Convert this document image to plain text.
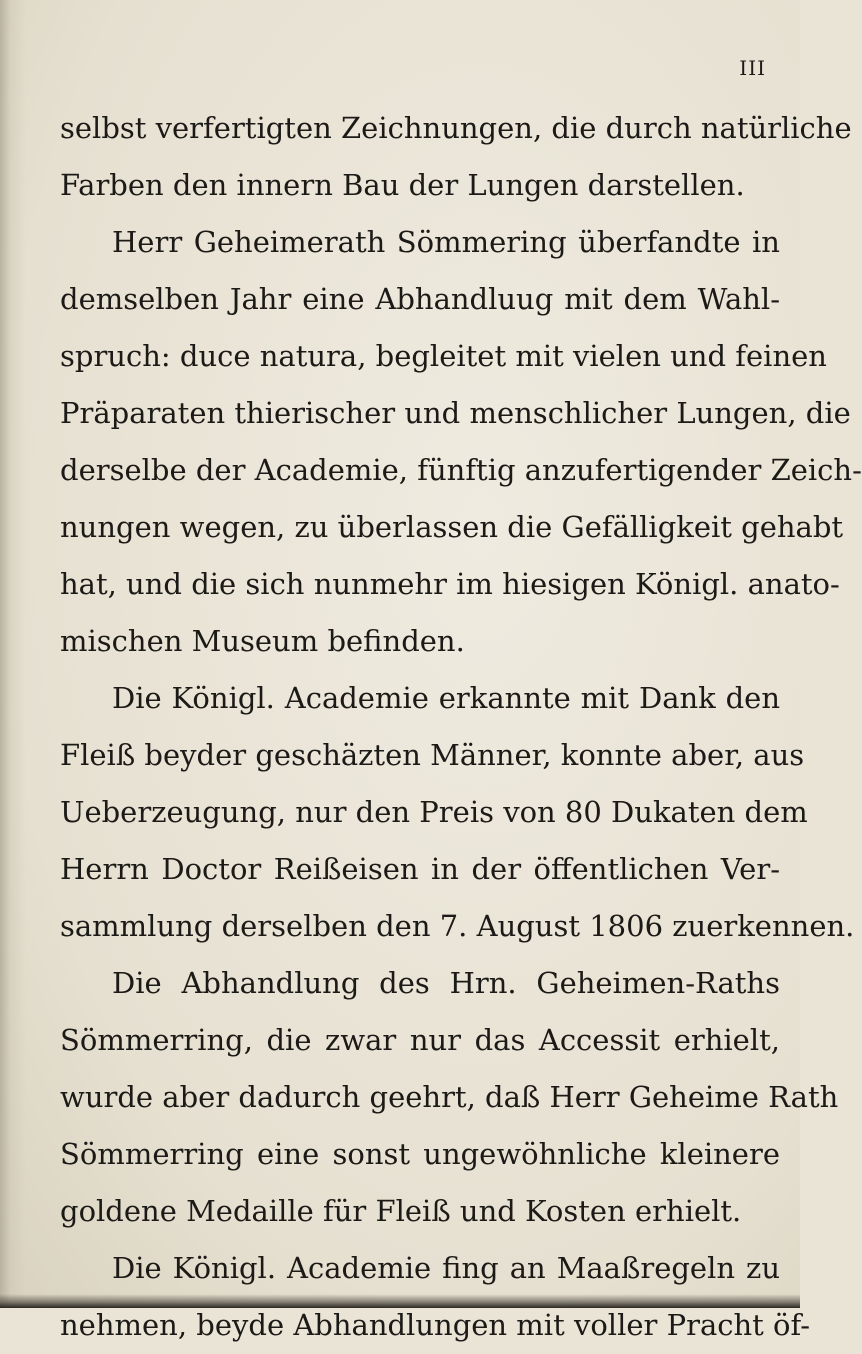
III
selbst verfertigten Zeichnungen, die durch natürliche
Farben den innern Bau der Lungen darstellen.
Herr Geheimerath Sömmering überfandte in
demselben Jahr eine Abhandluug mit dem Wahl-
spruch: duce natura, begleitet mit vielen und feinen
Präparaten thierischer und menschlicher Lungen, die
derselbe der Academie, fünftig anzufertigender Zeich-
nungen wegen, zu überlassen die Gefälligkeit gehabt
hat, und die sich nunmehr im hiesigen Königl. anato-
mischen Museum befinden.
Die Königl. Academie erkannte mit Dank den
Fleiß beyder geschäzten Männer, konnte aber, aus
Ueberzeugung, nur den Preis von 80 Dukaten dem
Herrn Doctor Reißeisen in der öffentlichen Ver-
sammlung derselben den 7. August 1806 zuerkennen.
Die Abhandlung des Hrn. Geheimen-Raths
Sömmerring, die zwar nur das Accessit erhielt,
wurde aber dadurch geehrt, daß Herr Geheime Rath
Sömmerring eine sonst ungewöhnliche kleinere
goldene Medaille für Fleiß und Kosten erhielt.
Die Königl. Academie fing an Maaßregeln zu
nehmen, beyde Abhandlungen mit voller Pracht öf-
